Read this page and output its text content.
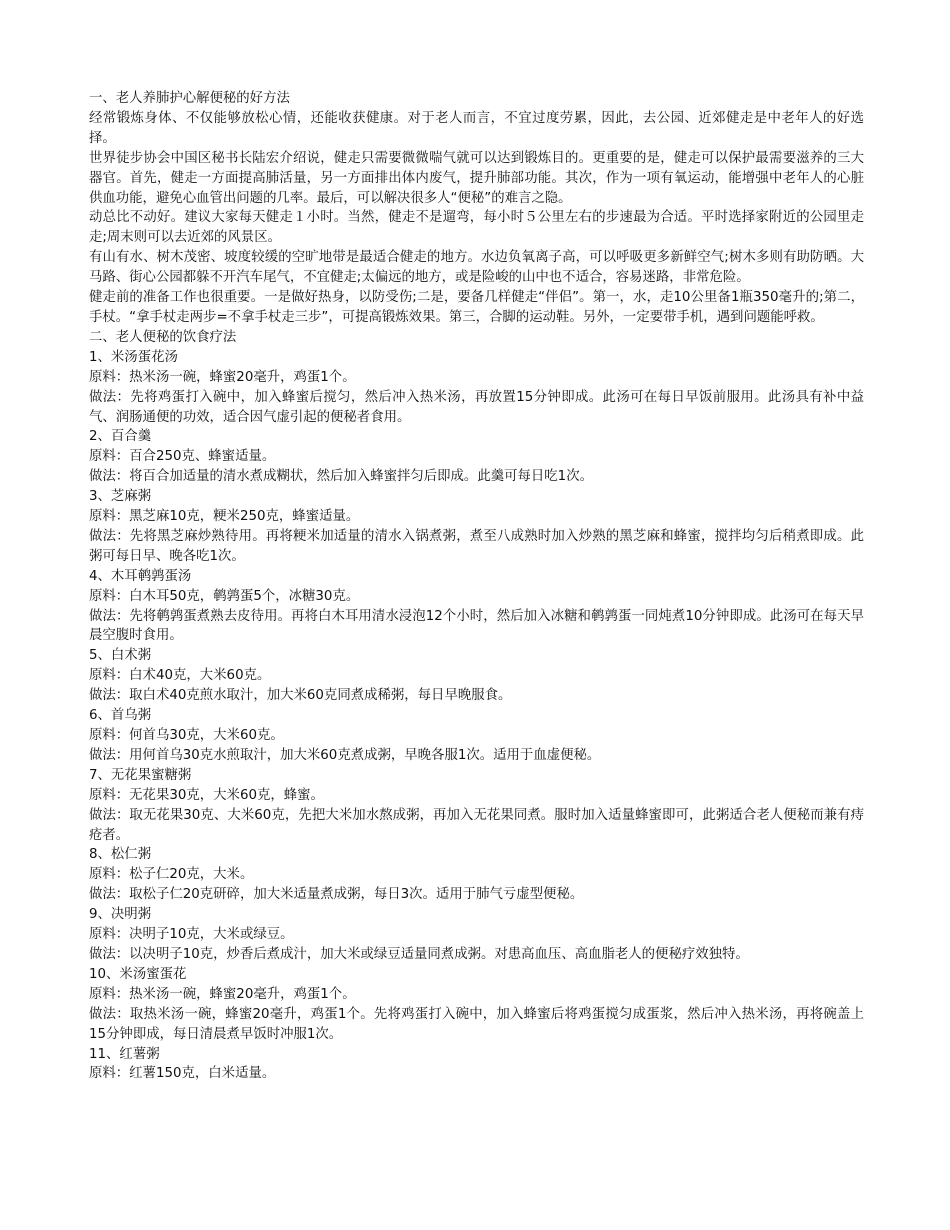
一、老人养肺护心解便秘的好方法

经常锻炼身体、不仅能够放松心情，还能收获健康。对于老人而言，不宜过度劳累，因此，去公园、近郊健走是中老年人的好选择。

世界徒步协会中国区秘书长陆宏介绍说，健走只需要微微喘气就可以达到锻炼目的。更重要的是，健走可以保护最需要滋养的三大器官。首先，健走一方面提高肺活量，另一方面排出体内废气，提升肺部功能。其次，作为一项有氧运动，能增强中老年人的心脏供血功能，避免心血管出问题的几率。最后，可以解决很多人“便秘”的难言之隐。

动总比不动好。建议大家每天健走１小时。当然，健走不是遛弯，每小时５公里左右的步速最为合适。平时选择家附近的公园里走走;周末则可以去近郊的风景区。

有山有水、树木茂密、坡度较缓的空旷地带是最适合健走的地方。水边负氧离子高，可以呼吸更多新鲜空气;树木多则有助防晒。大马路、街心公园都躲不开汽车尾气，不宜健走;太偏远的地方，或是险峻的山中也不适合，容易迷路，非常危险。

健走前的准备工作也很重要。一是做好热身，以防受伤;二是，要备几样健走“伴侣”。第一，水，走10公里备1瓶350毫升的;第二，手杖。“拿手杖走两步=不拿手杖走三步”，可提高锻炼效果。第三，合脚的运动鞋。另外，一定要带手机，遇到问题能呼救。

二、老人便秘的饮食疗法

1、米汤蛋花汤

原料：热米汤一碗，蜂蜜20毫升，鸡蛋1个。

做法：先将鸡蛋打入碗中，加入蜂蜜后搅匀，然后冲入热米汤，再放置15分钟即成。此汤可在每日早饭前服用。此汤具有补中益气、润肠通便的功效，适合因气虚引起的便秘者食用。

2、百合羹

原料：百合250克、蜂蜜适量。

做法：将百合加适量的清水煮成糊状，然后加入蜂蜜拌匀后即成。此羹可每日吃1次。

3、芝麻粥

原料：黑芝麻10克，粳米250克，蜂蜜适量。

做法：先将黑芝麻炒熟待用。再将粳米加适量的清水入锅煮粥，煮至八成熟时加入炒熟的黑芝麻和蜂蜜，搅拌均匀后稍煮即成。此粥可每日早、晚各吃1次。

4、木耳鹌鹑蛋汤

原料：白木耳50克，鹌鹑蛋5个，冰糖30克。

做法：先将鹌鹑蛋煮熟去皮待用。再将白木耳用清水浸泡12个小时，然后加入冰糖和鹌鹑蛋一同炖煮10分钟即成。此汤可在每天早晨空腹时食用。

5、白术粥

原料：白术40克，大米60克。

做法：取白术40克煎水取汁，加大米60克同煮成稀粥，每日早晚服食。

6、首乌粥

原料：何首乌30克，大米60克。

做法：用何首乌30克水煎取汁，加大米60克煮成粥，早晚各服1次。适用于血虚便秘。

7、无花果蜜糖粥

原料：无花果30克，大米60克，蜂蜜。

做法：取无花果30克、大米60克，先把大米加水熬成粥，再加入无花果同煮。服时加入适量蜂蜜即可，此粥适合老人便秘而兼有痔疮者。

8、松仁粥

原料：松子仁20克，大米。

做法：取松子仁20克研碎，加大米适量煮成粥，每日3次。适用于肺气亏虚型便秘。

9、决明粥

原料：决明子10克，大米或绿豆。

做法：以决明子10克，炒香后煮成汁，加大米或绿豆适量同煮成粥。对患高血压、高血脂老人的便秘疗效独特。

10、米汤蜜蛋花

原料：热米汤一碗，蜂蜜20毫升，鸡蛋1个。

做法：取热米汤一碗，蜂蜜20毫升，鸡蛋1个。先将鸡蛋打入碗中，加入蜂蜜后将鸡蛋搅匀成蛋浆，然后冲入热米汤，再将碗盖上15分钟即成，每日清晨煮早饭时冲服1次。

11、红薯粥

原料：红薯150克，白米适量。
